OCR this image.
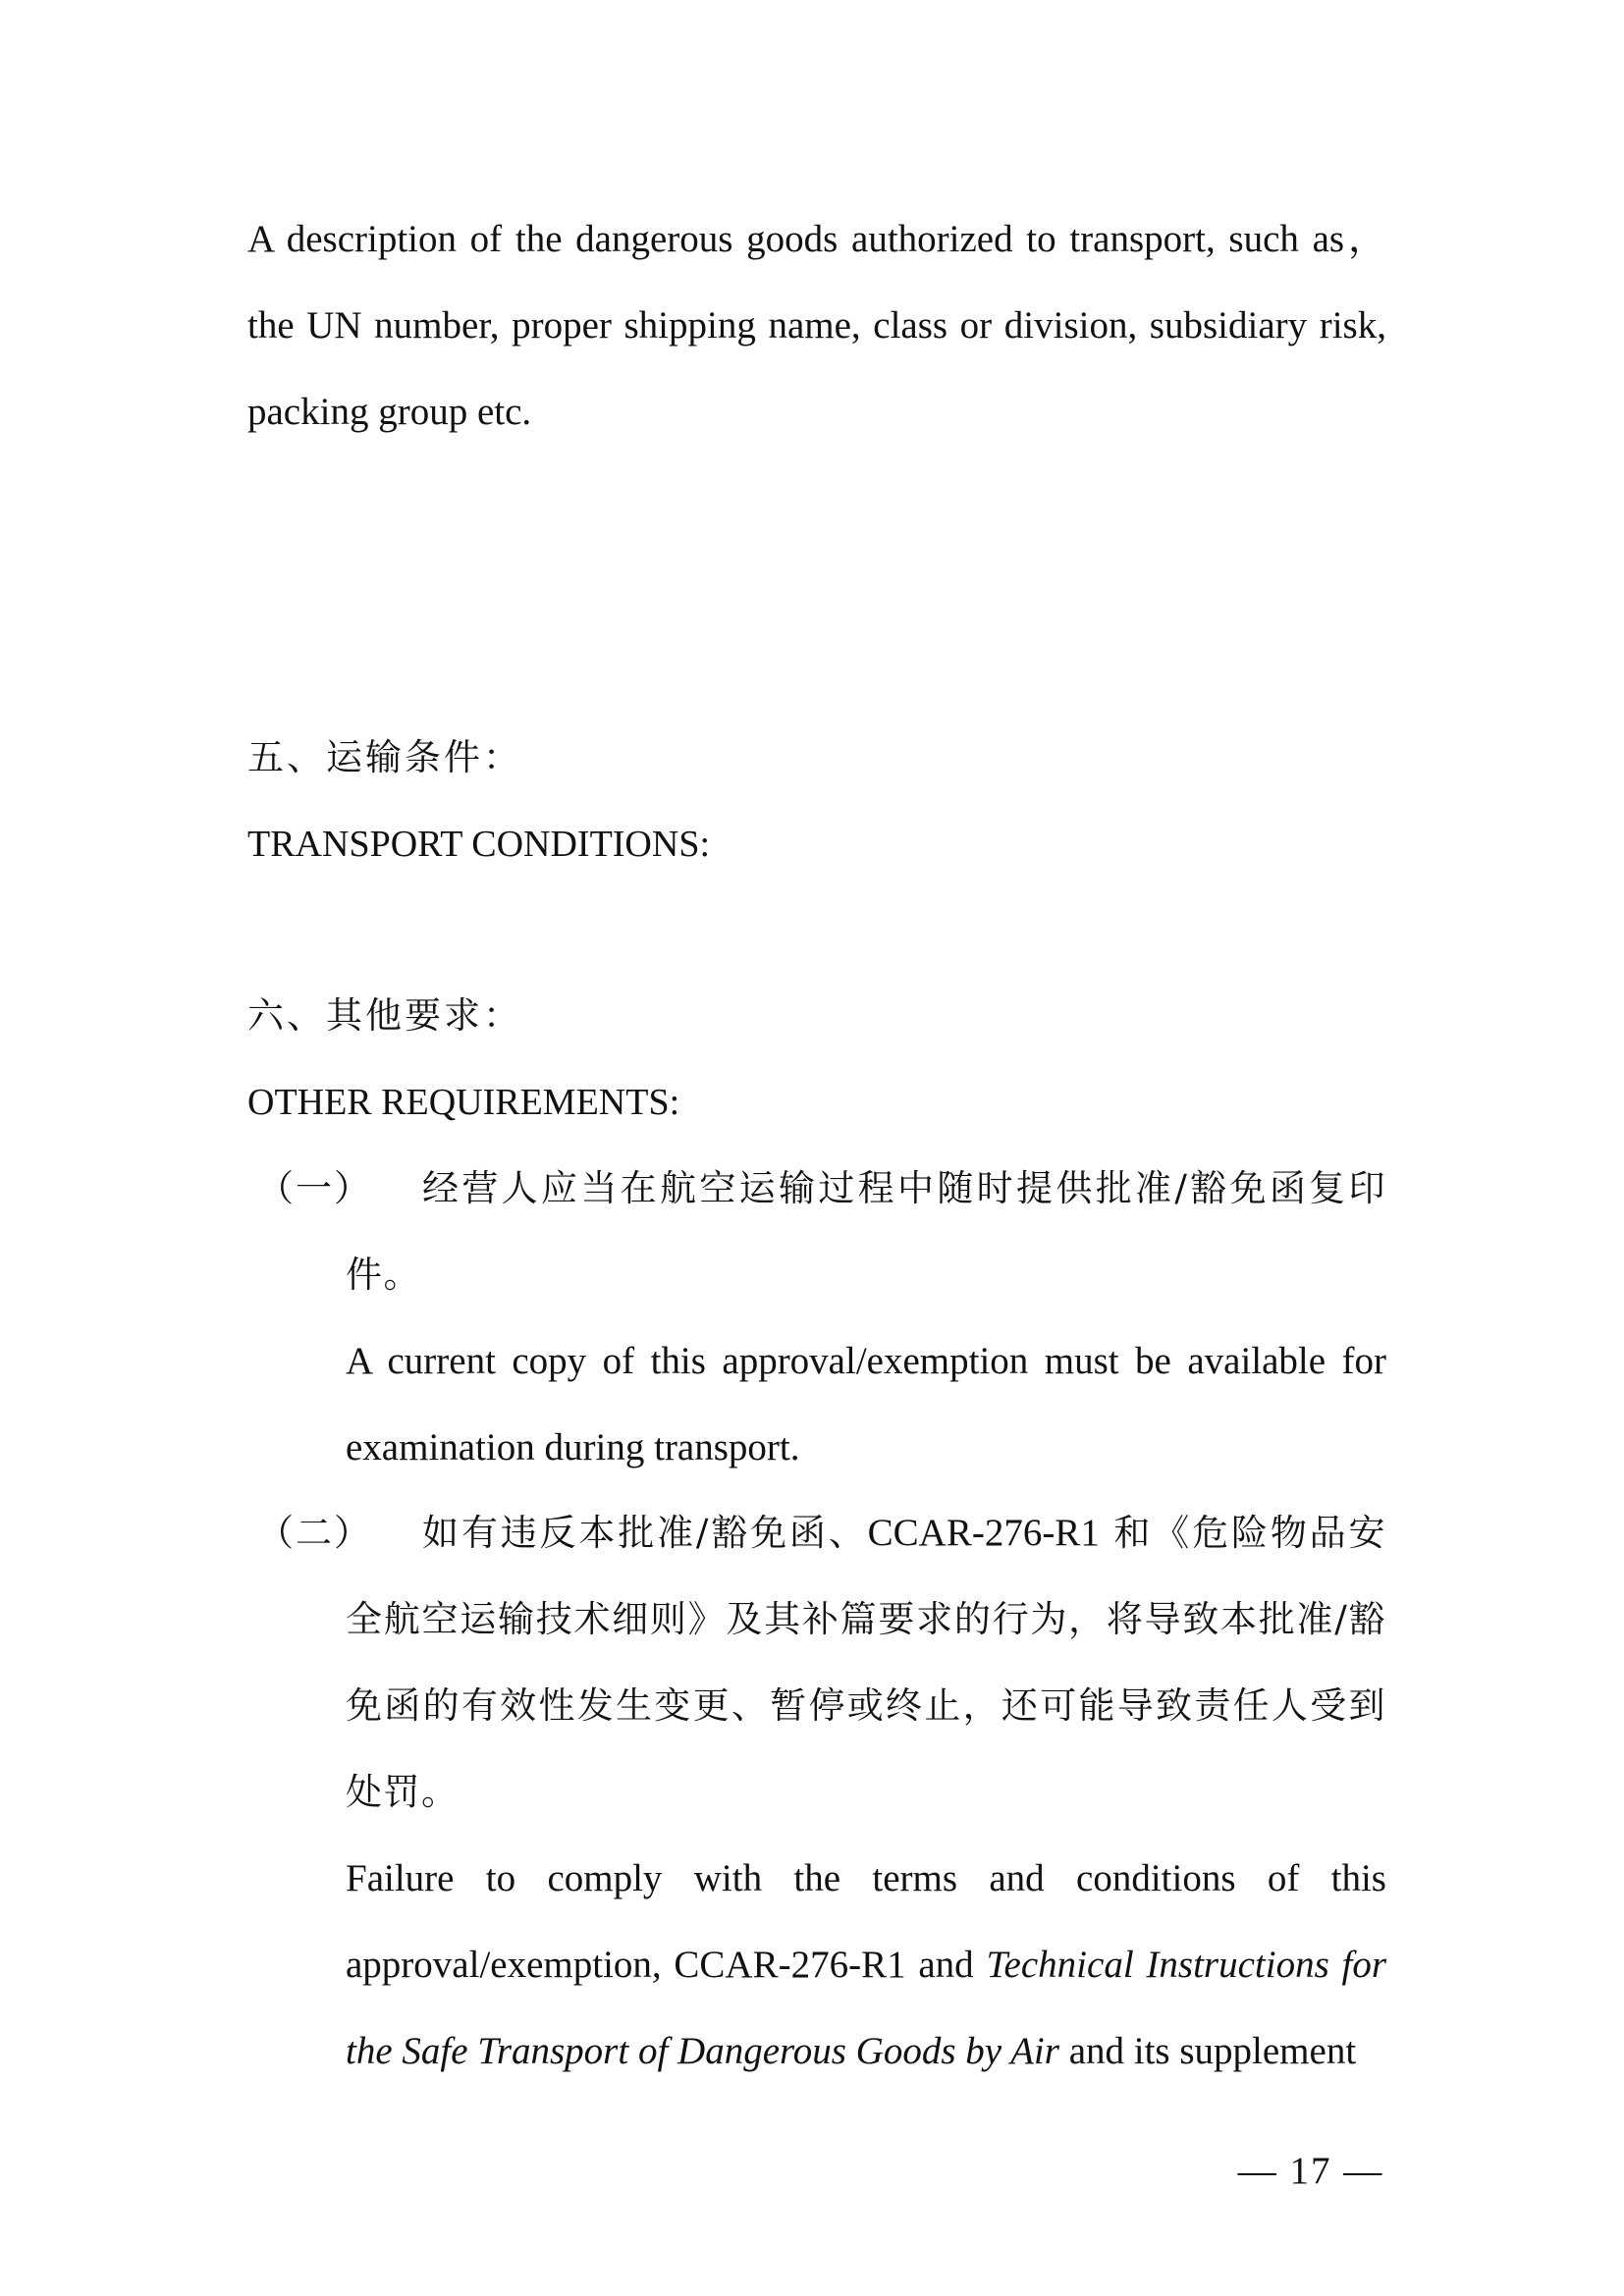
A description of the dangerous goods authorized to transport, such as，the UN number, proper shipping name, class or division, subsidiary risk, packing group etc.

五、运输条件：

TRANSPORT CONDITIONS:

六、其他要求：

OTHER REQUIREMENTS:

（一）	经营人应当在航空运输过程中随时提供批准/豁免函复印件。

A current copy of this approval/exemption must be available for examination during transport.

（二）	如有违反本批准/豁免函、CCAR-276-R1 和《危险物品安全航空运输技术细则》及其补篇要求的行为，将导致本批准/豁免函的有效性发生变更、暂停或终止，还可能导致责任人受到处罚。

Failure to comply with the terms and conditions of this approval/exemption, CCAR-276-R1 and Technical Instructions for the Safe Transport of Dangerous Goods by Air and its supplement

— 17 —
